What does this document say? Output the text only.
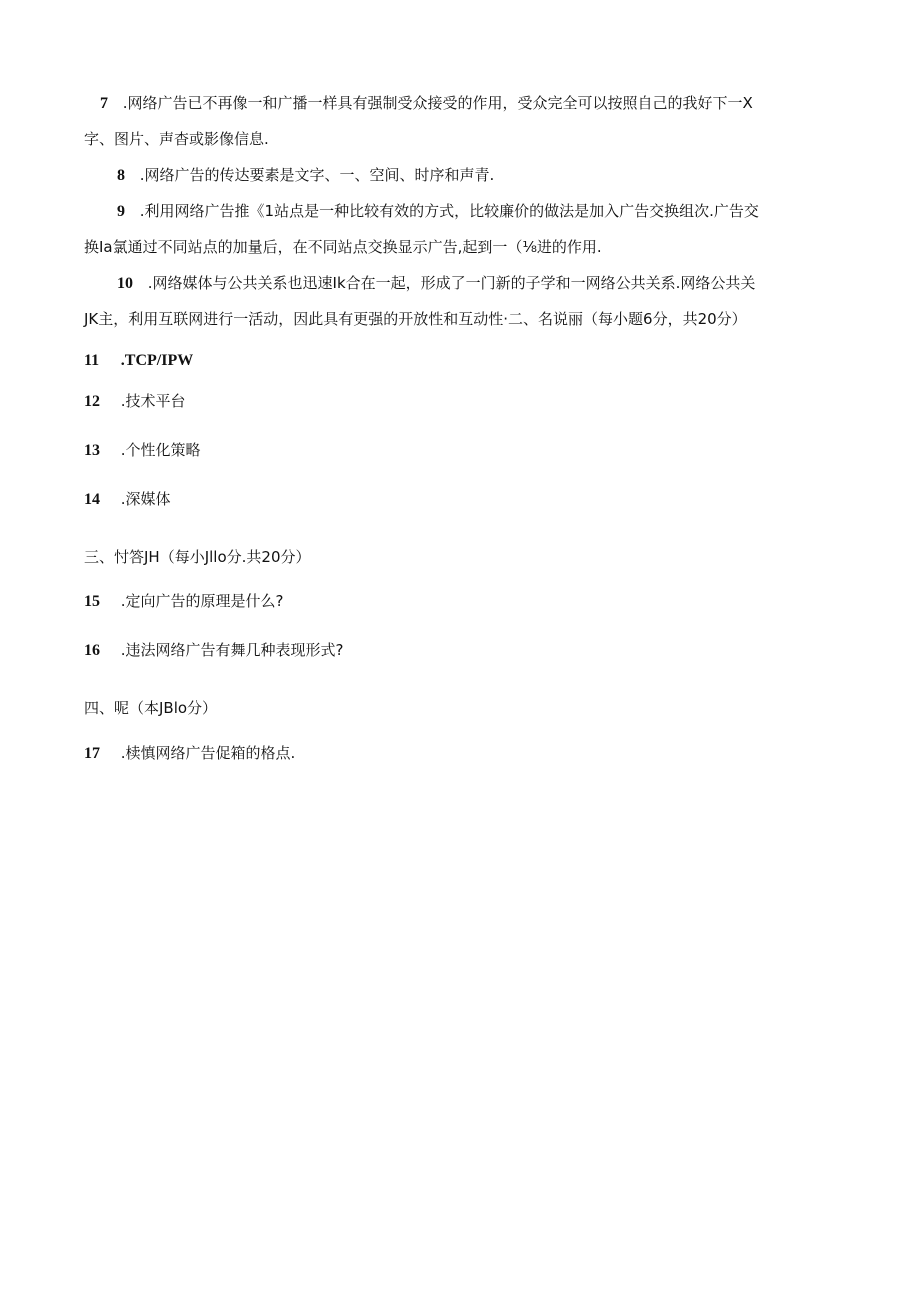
7 .网络广告已不再像一和广播一样具有强制受众接受的作用，受众完全可以按照自己的我好下一X
字、图片、声杳或影像信息.
8 .网络广告的传达要素是文字、一、空间、时序和声青.
9 .利用网络广告推《1站点是一种比较有效的方式，比较廉价的做法是加入广告交换组次.广告交
换Ia氯通过不同站点的加量后，在不同站点交换显示广告,起到一（⅛进的作用.
10 .网络媒体与公共关系也迅速Ik合在一起，形成了一门新的子学和一网络公共关系.网络公共关
JK主，利用互联网进行一活动，因此具有更强的开放性和互动性·二、名说丽（每小题6分，共20分）
11 .TCP/IPW
12 .技术平台
13 .个性化策略
14 .深媒体
三、忖答JH（每小Jllo分.共20分）
15 .定向广告的原理是什么?
16 .违法网络广告有舞几种表现形式?
四、呢（本JBlo分）
17 .椟慎网络广告促箱的格点.
